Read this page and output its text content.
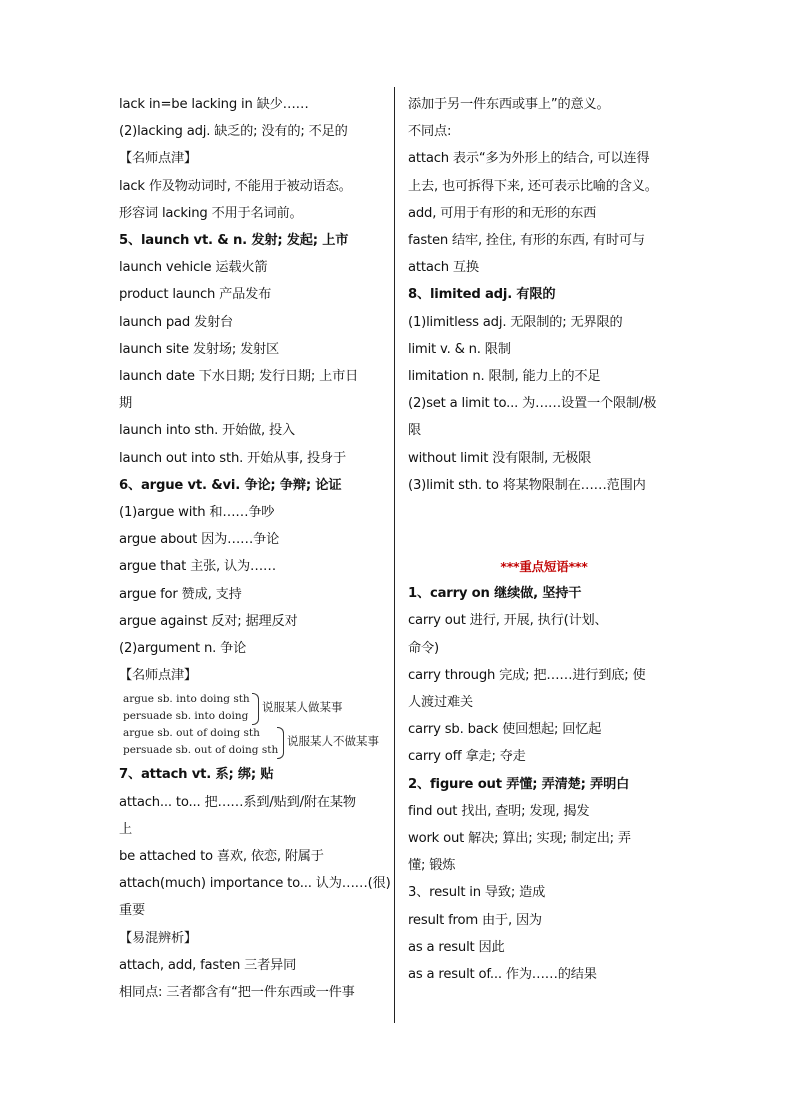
lack in=be lacking in 缺少……
(2)lacking adj. 缺乏的; 没有的; 不足的
【名师点津】
lack 作及物动词时, 不能用于被动语态。
形容词 lacking 不用于名词前。
5、launch vt. & n. 发射; 发起; 上市
launch vehicle 运载火箭
product launch 产品发布
launch pad 发射台
launch site 发射场; 发射区
launch date 下水日期; 发行日期; 上市日
期
launch into sth. 开始做, 投入
launch out into sth. 开始从事, 投身于
6、argue vt. &vi. 争论; 争辩; 论证
(1)argue with 和……争吵
argue about 因为……争论
argue that 主张, 认为……
argue for 赞成, 支持
argue against 反对; 据理反对
(2)argument n. 争论
【名师点津】
argue sb. into doing sth
persuade sb. into doing
说服某人做某事
argue sb. out of doing sth
persuade sb. out of doing sth
说服某人不做某事
7、attach vt. 系; 绑; 贴
attach... to... 把……系到/贴到/附在某物
上
be attached to 喜欢, 依恋, 附属于
attach(much) importance to... 认为……(很)
重要
【易混辨析】
attach, add, fasten 三者异同
相同点: 三者都含有“把一件东西或一件事
添加于另一件东西或事上”的意义。
不同点:
attach 表示“多为外形上的结合, 可以连得
上去, 也可拆得下来, 还可表示比喻的含义。
add, 可用于有形的和无形的东西
fasten 结牢, 拴住, 有形的东西, 有时可与
attach 互换
8、limited adj. 有限的
(1)limitless adj. 无限制的; 无界限的
limit v. & n. 限制
limitation n. 限制, 能力上的不足
(2)set a limit to... 为……设置一个限制/极
限
without limit 没有限制, 无极限
(3)limit sth. to 将某物限制在……范围内
***重点短语***
1、carry on 继续做, 坚持干
carry out 进行, 开展, 执行(计划、
命令)
carry through 完成; 把……进行到底; 使
人渡过难关
carry sb. back 使回想起; 回忆起
carry off 拿走; 夺走
2、figure out 弄懂; 弄清楚; 弄明白
find out 找出, 查明; 发现, 揭发
work out 解决; 算出; 实现; 制定出; 弄
懂; 锻炼
3、result in 导致; 造成
result from 由于, 因为
as a result 因此
as a result of... 作为……的结果
